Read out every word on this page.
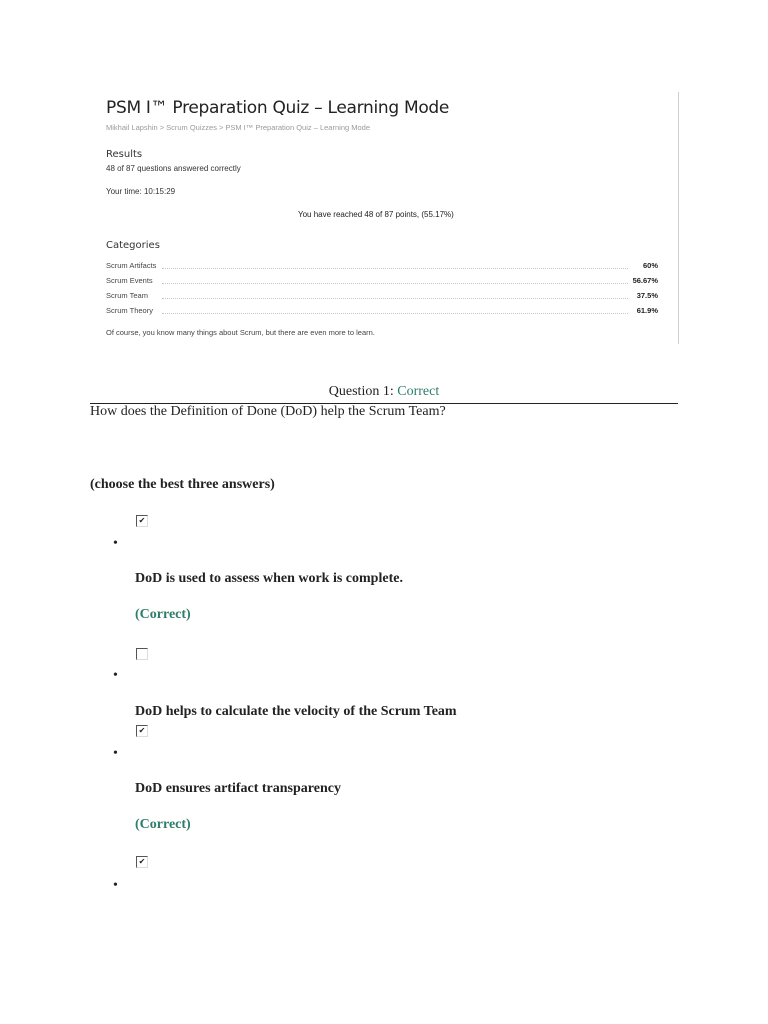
PSM I™ Preparation Quiz – Learning Mode
Mikhail Lapshin > Scrum Quizzes > PSM I™ Preparation Quiz – Learning Mode
Results
48 of 87 questions answered correctly
Your time: 10:15:29
You have reached 48 of 87 points, (55.17%)
Categories
Scrum Artifacts	60%
Scrum Events	56.67%
Scrum Team	37.5%
Scrum Theory	61.9%
Of course, you know many things about Scrum, but there are even more to learn.
Question 1: Correct
How does the Definition of Done (DoD) help the Scrum Team?
(choose the best three answers)
✔
•
DoD is used to assess when work is complete.
(Correct)
•
DoD helps to calculate the velocity of the Scrum Team
✔
•
DoD ensures artifact transparency
(Correct)
✔
•
